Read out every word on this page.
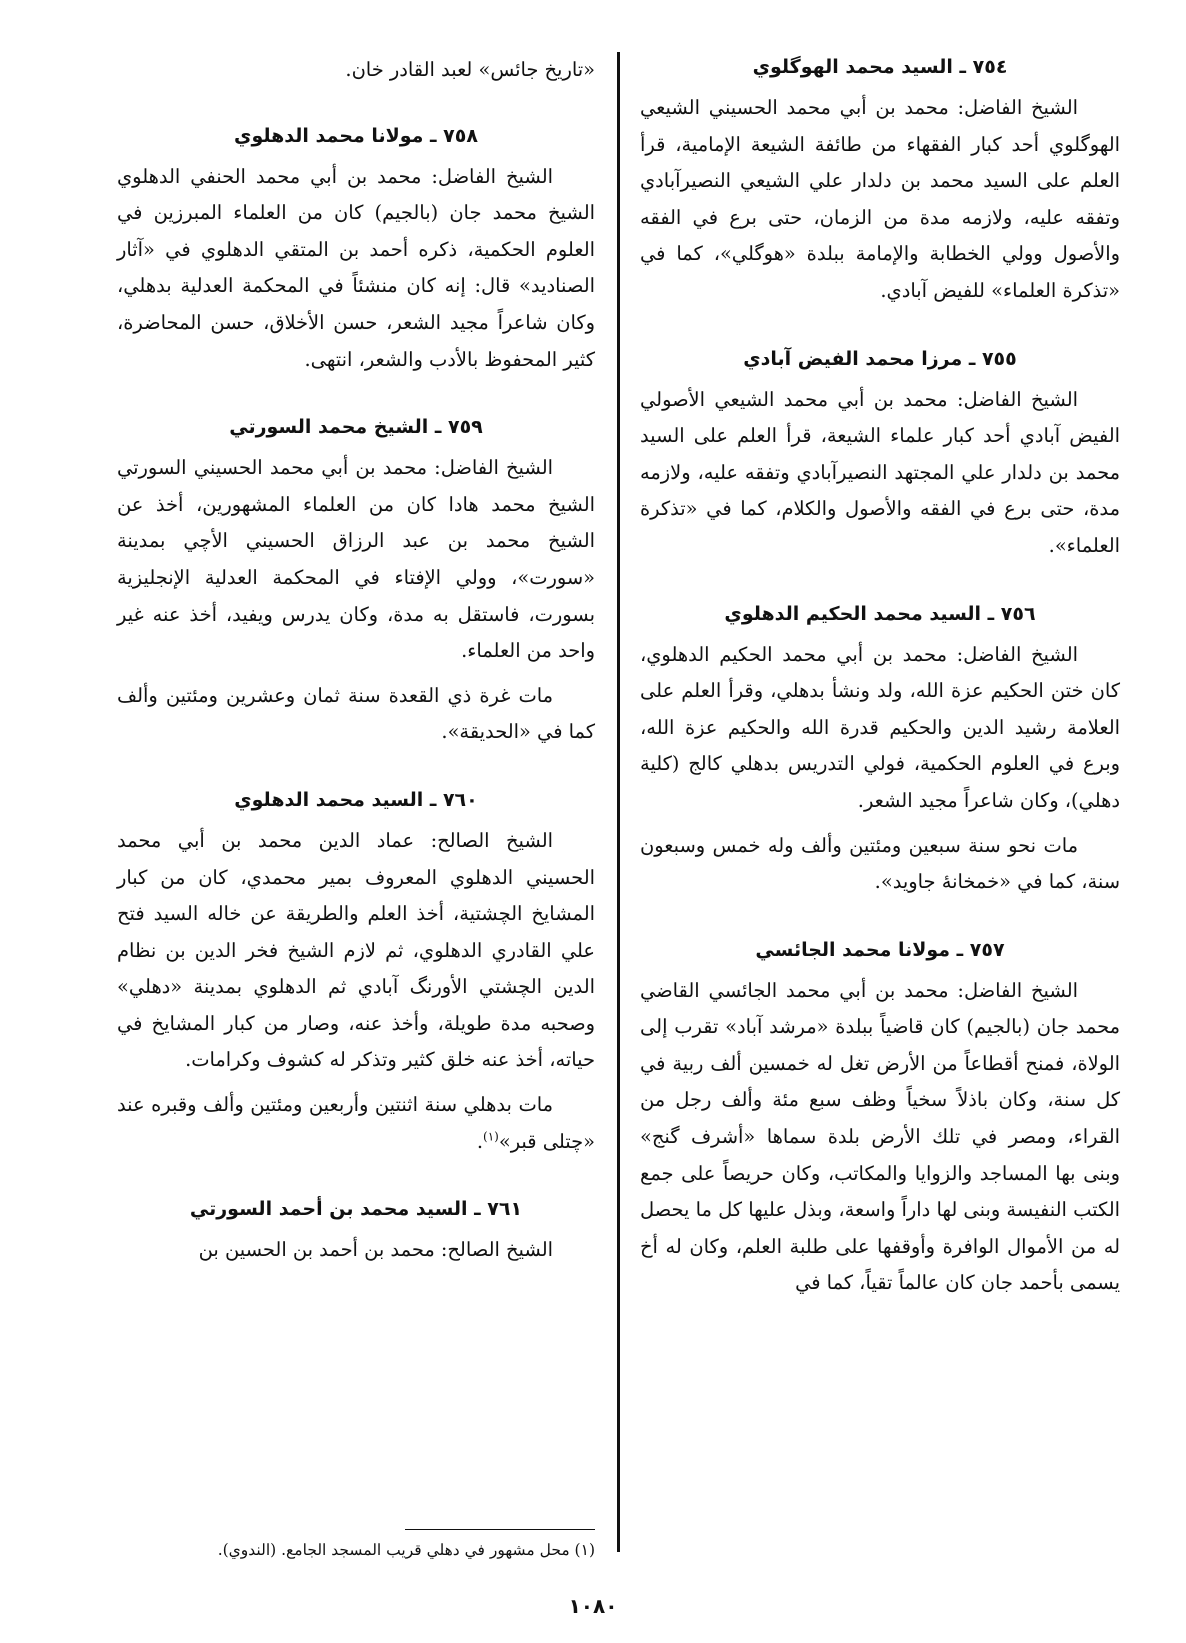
٧٥٤ ـ السيد محمد الهوگلوي

الشيخ الفاضل: محمد بن أبي محمد الحسيني الشيعي الهوگلوي أحد كبار الفقهاء من طائفة الشيعة الإمامية، قرأ العلم على السيد محمد بن دلدار علي الشيعي النصيرآبادي وتفقه عليه، ولازمه مدة من الزمان، حتى برع في الفقه والأصول وولي الخطابة والإمامة ببلدة «هوگلي»، كما في «تذكرة العلماء» للفيض آبادي.

٧٥٥ ـ مرزا محمد الفيض آبادي

الشيخ الفاضل: محمد بن أبي محمد الشيعي الأصولي الفيض آبادي أحد كبار علماء الشيعة، قرأ العلم على السيد محمد بن دلدار علي المجتهد النصيرآبادي وتفقه عليه، ولازمه مدة، حتى برع في الفقه والأصول والكلام، كما في «تذكرة العلماء».

٧٥٦ ـ السيد محمد الحكيم الدهلوي

الشيخ الفاضل: محمد بن أبي محمد الحكيم الدهلوي، كان ختن الحكيم عزة الله، ولد ونشأ بدهلي، وقرأ العلم على العلامة رشيد الدين والحكيم قدرة الله والحكيم عزة الله، وبرع في العلوم الحكمية، فولي التدريس بدهلي كالج (كلية دهلي)، وكان شاعراً مجيد الشعر.

مات نحو سنة سبعين ومئتين وألف وله خمس وسبعون سنة، كما في «خمخانهٔ جاويد».

٧٥٧ ـ مولانا محمد الجائسي

الشيخ الفاضل: محمد بن أبي محمد الجائسي القاضي محمد جان (بالجيم) كان قاضياً ببلدة «مرشد آباد» تقرب إلى الولاة، فمنح أقطاعاً من الأرض تغل له خمسين ألف ربية في كل سنة، وكان باذلاً سخياً وظف سبع مئة وألف رجل من القراء، ومصر في تلك الأرض بلدة سماها «أشرف گنج» وبنى بها المساجد والزوايا والمكاتب، وكان حريصاً على جمع الكتب النفيسة وبنى لها داراً واسعة، وبذل عليها كل ما يحصل له من الأموال الوافرة وأوقفها على طلبة العلم، وكان له أخ يسمى بأحمد جان كان عالماً تقياً، كما في

«تاريخ جائس» لعبد القادر خان.

٧٥٨ ـ مولانا محمد الدهلوي

الشيخ الفاضل: محمد بن أبي محمد الحنفي الدهلوي الشيخ محمد جان (بالجيم) كان من العلماء المبرزين في العلوم الحكمية، ذكره أحمد بن المتقي الدهلوي في «آثار الصناديد» قال: إنه كان منشئاً في المحكمة العدلية بدهلي، وكان شاعراً مجيد الشعر، حسن الأخلاق، حسن المحاضرة، كثير المحفوظ بالأدب والشعر، انتهى.

٧٥٩ ـ الشيخ محمد السورتي

الشيخ الفاضل: محمد بن أبي محمد الحسيني السورتي الشيخ محمد هادا كان من العلماء المشهورين، أخذ عن الشيخ محمد بن عبد الرزاق الحسيني الأچي بمدينة «سورت»، وولي الإفتاء في المحكمة العدلية الإنجليزية بسورت، فاستقل به مدة، وكان يدرس ويفيد، أخذ عنه غير واحد من العلماء.

مات غرة ذي القعدة سنة ثمان وعشرين ومئتين وألف كما في «الحديقة».

٧٦٠ ـ السيد محمد الدهلوي

الشيخ الصالح: عماد الدين محمد بن أبي محمد الحسيني الدهلوي المعروف بمير محمدي، كان من كبار المشايخ الچشتية، أخذ العلم والطريقة عن خاله السيد فتح علي القادري الدهلوي، ثم لازم الشيخ فخر الدين بن نظام الدين الچشتي الأورنگ آبادي ثم الدهلوي بمدينة «دهلي» وصحبه مدة طويلة، وأخذ عنه، وصار من كبار المشايخ في حياته، أخذ عنه خلق كثير وتذكر له كشوف وكرامات.

مات بدهلي سنة اثنتين وأربعين ومئتين وألف وقبره عند «چتلى قبر»$^{(١)}$.

٧٦١ ـ السيد محمد بن أحمد السورتي

الشيخ الصالح: محمد بن أحمد بن الحسين بن

(١) محل مشهور في دهلي قريب المسجد الجامع. (الندوي).

١٠٨٠
